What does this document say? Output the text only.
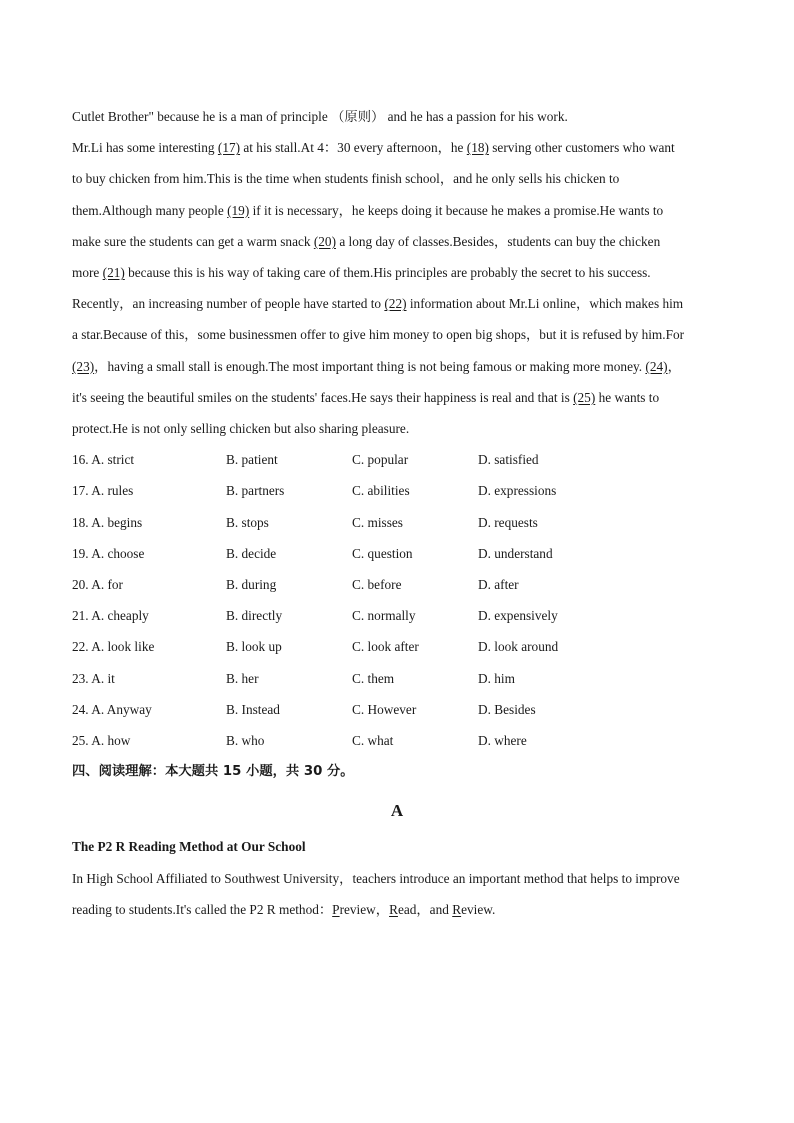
Cutlet Brother" because he is a man of principle （原则） and he has a passion for his work.

Mr.Li has some interesting (17) at his stall.At 4：30 every afternoon，he (18) serving other customers who want

to buy chicken from him.This is the time when students finish school，and he only sells his chicken to

them.Although many people (19) if it is necessary，he keeps doing it because he makes a promise.He wants to

make sure the students can get a warm snack (20) a long day of classes.Besides，students can buy the chicken

more (21) because this is his way of taking care of them.His principles are probably the secret to his success.

Recently，an increasing number of people have started to (22) information about Mr.Li online，which makes him

a star.Because of this，some businessmen offer to give him money to open big shops，but it is refused by him.For

(23)，having a small stall is enough.The most important thing is not being famous or making more money. (24)，

it's seeing the beautiful smiles on the students' faces.He says their happiness is real and that is (25) he wants to

protect.He is not only selling chicken but also sharing pleasure.

16. A. strict	B. patient	C. popular	D. satisfied
17. A. rules	B. partners	C. abilities	D. expressions
18. A. begins	B. stops	C. misses	D. requests
19. A. choose	B. decide	C. question	D. understand
20. A. for	B. during	C. before	D. after
21. A. cheaply	B. directly	C. normally	D. expensively
22. A. look like	B. look up	C. look after	D. look around
23. A. it	B. her	C. them	D. him
24. A. Anyway	B. Instead	C. However	D. Besides
25. A. how	B. who	C. what	D. where

四、阅读理解：本大题共 15 小题，共 30 分。

A

The P2 R Reading Method at Our School

In High School Affiliated to Southwest University，teachers introduce an important method that helps to improve

reading to students.It's called the P2 R method：Preview，Read，and Review.
